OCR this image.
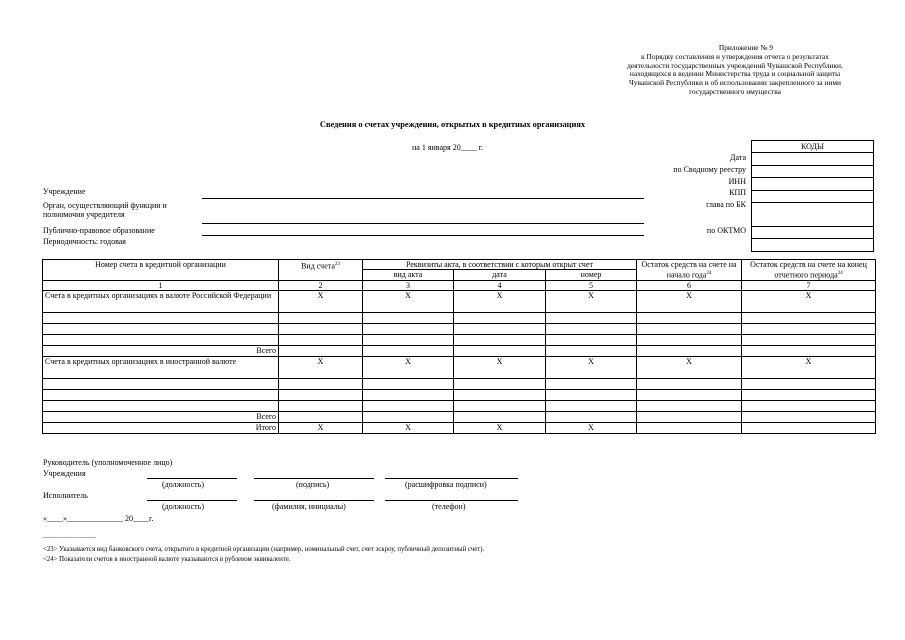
Приложение № 9
к Порядку составления и утверждения отчета о результатах
деятельности государственных учреждений Чувашской Республики,
находящихся в ведении Министерства труда и социальной защиты
Чувашской Республики и об использовании закрепленного за ними
государственного имущества
Сведения о счетах учреждения, открытых в кредитных организациях
на 1 января 20____ г.
Дата
по Сводному реестру
ИНН
КПП
глава по БК
по ОКТМО
КОДЫ

Учреждение
Орган, осуществляющий функции и полномочия учредителя
Публично-правовое образование
Периодичность: годовая
Номер счета в кредитной организации	Вид счета$^{23}$	Реквизиты акта, в соответствии с которым открыт счет			Остаток средств на счете на начало года$^{24}$	Остаток средств на счете на конец отчетного периода$^{24}$
		вид акта	дата	номер		
1	2	3	4	5	6	7
Счета в кредитных организациях в валюте Российской Федерации	X	X	X	X	X	X

Всего						
Счета в кредитных организациях в иностранной валюте	X	X	X	X	X	X

Всего						
Итого	X	X	X	X		
Руководитель (уполномоченное лицо)
Учреждения
(должность)	(подпись)	(расшифровка подписи)
Исполнитель
(должность)	(фамилия, инициалы)	(телефон)
«____»______________ 20____г.
--------------------------------
<23> Указывается вид банковского счета, открытого в кредитной организации (например, номинальный счет, счет эскроу, публичный депозитный счет).
<24> Показатели счетов в иностранной валюте указываются в рублевом эквиваленте.
